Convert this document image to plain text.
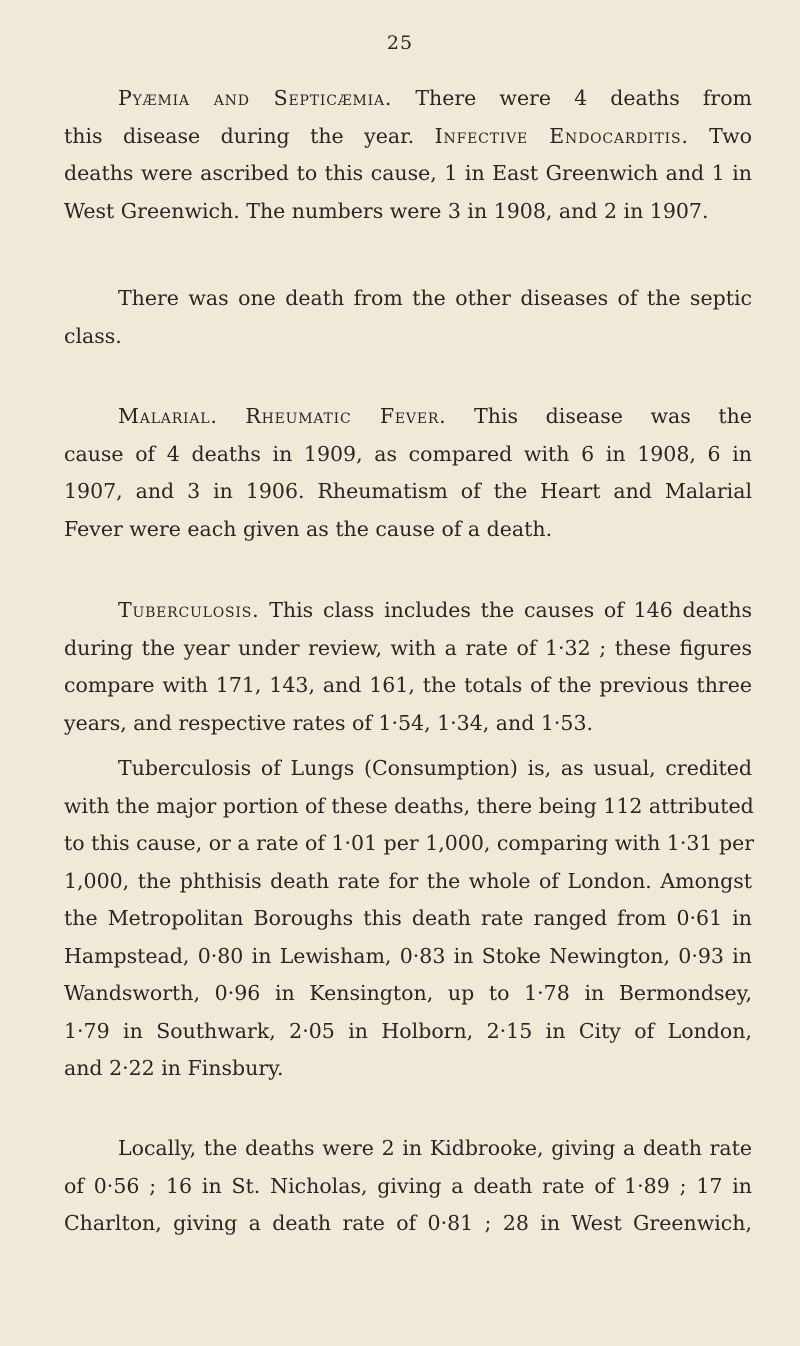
25
Pyæmia and Septicæmia. There were 4 deaths from
this disease during the year. Infective Endocarditis. Two
deaths were ascribed to this cause, 1 in East Greenwich and 1 in
West Greenwich. The numbers were 3 in 1908, and 2 in 1907.
There was one death from the other diseases of the septic
class.
Malarial. Rheumatic Fever. This disease was the
cause of 4 deaths in 1909, as compared with 6 in 1908, 6 in
1907, and 3 in 1906. Rheumatism of the Heart and Malarial
Fever were each given as the cause of a death.
Tuberculosis. This class includes the causes of 146 deaths
during the year under review, with a rate of 1·32 ; these figures
compare with 171, 143, and 161, the totals of the previous three
years, and respective rates of 1·54, 1·34, and 1·53.
Tuberculosis of Lungs (Consumption) is, as usual, credited
with the major portion of these deaths, there being 112 attributed
to this cause, or a rate of 1·01 per 1,000, comparing with 1·31 per
1,000, the phthisis death rate for the whole of London. Amongst
the Metropolitan Boroughs this death rate ranged from 0·61 in
Hampstead, 0·80 in Lewisham, 0·83 in Stoke Newington, 0·93 in
Wandsworth, 0·96 in Kensington, up to 1·78 in Bermondsey,
1·79 in Southwark, 2·05 in Holborn, 2·15 in City of London,
and 2·22 in Finsbury.
Locally, the deaths were 2 in Kidbrooke, giving a death rate
of 0·56 ; 16 in St. Nicholas, giving a death rate of 1·89 ; 17 in
Charlton, giving a death rate of 0·81 ; 28 in West Greenwich,
